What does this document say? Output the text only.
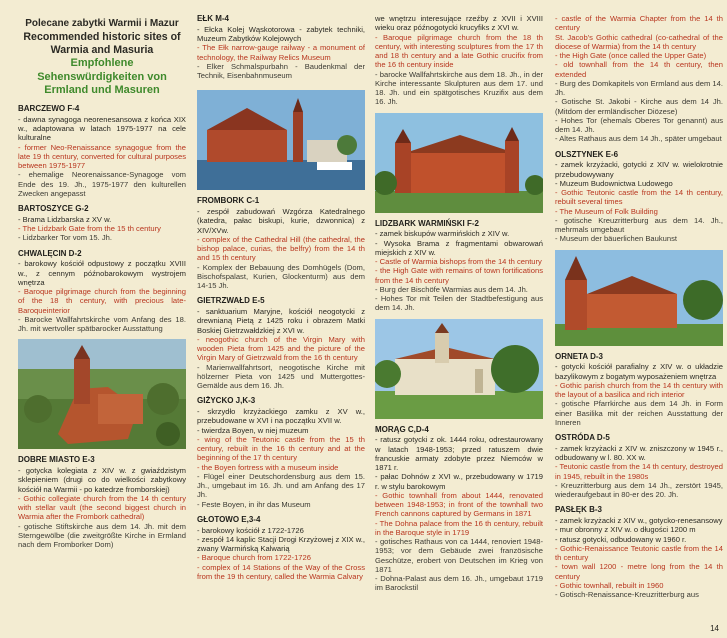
Polecane zabytki Warmii i Mazur
Recommended historic sites of Warmia and Masuria
Empfohlene Sehenswürdigkeiten von Ermland und Masuren
BARCZEWO F-4
- dawna synagoga neorenesansowa z końca XIX w., adaptowana w latach 1975-1977 na cele kulturalne
- former Neo-Renaissance synagogue from the late 19 th century, converted for cultural purposes between 1975-1977
- ehemalige Neorenaissance-Synagoge vom Ende des 19. Jh., 1975-1977 den kulturellen Zwecken angepasst
BARTOSZYCE G-2
- Brama Lidzbarska z XV w.
- The Lidzbark Gate from the 15 th century
- Lidzbarker Tor vom 15. Jh.
CHWALĘCIN D-2
- barokowy kościół odpustowy z początku XVIII w., z cennym późnobarokowym wystrojem wnętrza
- Baroque pilgrimage church from the beginning of the 18 th century, with precious late-Baroqueinterior
- Barocke Wallfahrtskirche vom Anfang des 18. Jh. mit wertvoller spätbarocker Ausstattung
DOBRE MIASTO E-3
- gotycka kolegiata z XIV w. z gwiaździstym sklepieniem (drugi co do wielkości zabytkowy kościół na Warmii - po katedrze fromborskiej)
- Gothic collegiate church from the 14 th century with stellar vault (the second biggest church in Warmia after the Frombork cathedral)
- gotische Stiftskirche aus dem 14. Jh. mit dem Sterngewölbe (die zweitgrößte Kirche in Ermland nach dem Fromborker Dom)
EŁK M-4
- Ełcka Kolej Wąskotorowa - zabytek techniki, Muzeum Zabytków Kolejowych
- The Ełk narrow-gauge railway - a monument of technology, the Railway Relics Museum
- Elker Schmalspurbahn - Baudenkmal der Technik, Eisenbahnmuseum
FROMBORK C-1
- zespół zabudowań Wzgórza Katedralnego (katedra, pałac biskupi, kurie, dzwonnica) z XIV/XVw.
- complex of the Cathedral Hill (the cathedral, the bishop palace, curias, the belfry) from the 14 th and 15 th century
- Komplex der Bebauung des Domhügels (Dom, Bischofspalast, Kurien, Glockenturm) aus dem 14-15 Jh.
GIETRZWAŁD E-5
- sanktuarium Maryjne, kościół neogotycki z drewnianą Pietą z 1425 roku i obrazem Matki Boskiej Gietrzwałdzkiej z XVI w.
- neogothic church of the Virgin Mary with wooden Pieta from 1425 and the picture of the Virgin Mary of Gietrzwald from the 16 th century
- Marienwallfahrtsort, neogotische Kirche mit hölzerner Pieta von 1425 und Muttergottes-Gemälde aus dem 16. Jh.
GIŻYCKO J,K-3
- skrzydło krzyżackiego zamku z XV w., przebudowane w XVI i na początku XVII w.
- twierdza Boyen, w niej muzeum
- wing of the Teutonic castle from the 15 th century, rebuilt in the 16 th century and at the beginning of the 17 th century
- the Boyen fortress with a museum inside
- Flügel einer Deutschordensburg aus dem 15. Jh., umgebaut im 16. Jh. und am Anfang des 17 Jh.
- Feste Boyen, in ihr das Museum
GŁOTOWO E,3-4
- barokowy kościół z 1722-1726
- zespół 14 kaplic Stacji Drogi Krzyżowej z XIX w., zwany Warmińską Kalwarią
- Baroque church from 1722-1726
- complex of 14 Stations of the Way of the Cross from the 19 th century, called the Warmia Calvary
we wnętrzu interesujące rzeźby z XVII i XVIII wieku oraz późnogotycki krucyfiks z XVI w.
- Baroque pilgrimage church from the 18 th century, with interesting sculptures from the 17 th and 18 th century and a late Gothic crucifix from the 16 th century inside
- barocke Wallfahrtskirche aus dem 18. Jh., in der Kirche interessante Skulpturen aus dem 17. und 18. Jh. und ein spätgotisches Kruzifix aus dem 16. Jh.
LIDZBARK WARMIŃSKI F-2
- zamek biskupów warmińskich z XIV w.
- Wysoka Brama z fragmentami obwarowań miejskich z XIV w.
- Castle of Warmia bishops from the 14 th century
- the High Gate with remains of town fortifications from the 14 th century
- Burg der Bischöfe Warmias aus dem 14. Jh.
- Hohes Tor mit Teilen der Stadtbefestigung aus dem 14. Jh.
MORĄG C,D-4
- ratusz gotycki z ok. 1444 roku, odrestaurowany w latach 1948-1953; przed ratuszem dwie francuskie armaty zdobyte przez Niemców w 1871 r.
- pałac Dohnów z XVI w., przebudowany w 1719 r. w stylu barokowym
- Gothic townhall from about 1444, renovated between 1948-1953; in front of the townhall two French cannons captured by Germans in 1871
- The Dohna palace from the 16 th century, rebuilt in the Baroque style in 1719
- gotisches Rathaus von ca 1444, renoviert 1948-1953; vor dem Gebäude zwei französische Geschütze, erobert von Deutschen im Krieg von 1871
- Dohna-Palast aus dem 16. Jh., umgebaut 1719 im Barockstil
- castle of the Warmia Chapter from the 14 th century
St. Jacob's Gothic cathedral (co-cathedral of the diocese of Warmia) from the 14 th century
- the High Gate (once called the Upper Gate)
- old townhall from the 14 th century, then extended
- Burg des Domkapitels von Ermland aus dem 14. Jh.
- Gotische St. Jakobi - Kirche aus dem 14 Jh. (Mitdom der ermländischer Diözese)
- Hohes Tor (ehemals Oberes Tor genannt) aus dem 14. Jh.
- Altes Rathaus aus dem 14 Jh., später umgebaut
OLSZTYNEK E-6
- zamek krzyżacki, gotycki z XIV w. wielokrotnie przebudowywany
- Muzeum Budownictwa Ludowego
- Gothic Teutonic castle from the 14 th century, rebuilt several times
- The Museum of Folk Building
- gotische Kreuzritterburg aus dem 14. Jh., mehrmals umgebaut
- Museum der bäuerlichen Baukunst
ORNETA D-3
- gotycki kościół parafialny z XIV w. o układzie bazylikowym z bogatym wyposażeniem wnętrza
- Gothic parish church from the 14 th century with the layout of a basilica and rich interior
- gotische Pfarrkirche aus dem 14 Jh. in Form einer Basilika mit der reichen Ausstattung der Inneren
OSTRÓDA D-5
- zamek krzyżacki z XIV w. zniszczony w 1945 r., odbudowany w l. 80. XX w.
- Teutonic castle from the 14 th century, destroyed in 1945, rebuilt in the 1980s
- Kreuzritterburg aus dem 14 Jh., zerstört 1945, wiederaufgebaut in 80-er des 20. Jh.
PASŁĘK B-3
- zamek krzyżacki z XIV w., gotycko-renesansowy
- mur obronny z XIV w. o długości 1200 m
- ratusz gotycki, odbudowany w 1960 r.
- Gothic-Renaissance Teutonic castle from the 14 th century
- town wall 1200 - metre long from the 14 th century
- Gothic townhall, rebuilt in 1960
- Gotisch-Renaissance-Kreuzritterburg aus
14
